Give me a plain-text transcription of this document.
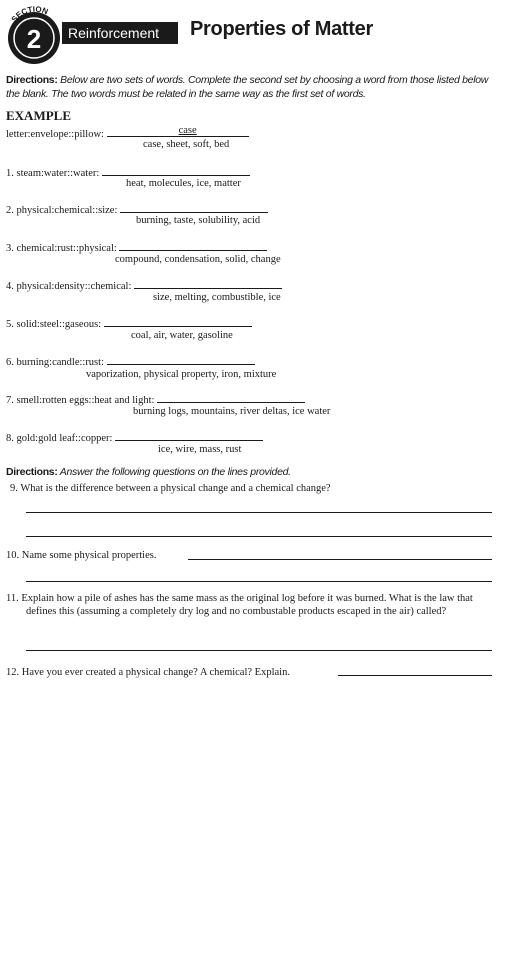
SECTION
2	Reinforcement	Properties of Matter
Directions: Below are two sets of words. Complete the second set by choosing a word from those listed below the blank. The two words must be related in the same way as the first set of words.
EXAMPLE
letter:envelope::pillow:	case
case, sheet, soft, bed
1. steam:water::water:
heat, molecules, ice, matter
2. physical:chemical::size:
burning, taste, solubility, acid
3. chemical:rust::physical:
compound, condensation, solid, change
4. physical:density::chemical:
size, melting, combustible, ice
5. solid:steel::gaseous:
coal, air, water, gasoline
6. burning:candle::rust:
vaporization, physical property, iron, mixture
7. smell:rotten eggs::heat and light:
burning logs, mountains, river deltas, ice water
8. gold:gold leaf::copper:
ice, wire, mass, rust
Directions: Answer the following questions on the lines provided.
9. What is the difference between a physical change and a chemical change?
10. Name some physical properties.
11. Explain how a pile of ashes has the same mass as the original log before it was burned. What is the law that defines this (assuming a completely dry log and no combustable products escaped in the air) called?
12. Have you ever created a physical change? A chemical? Explain.
